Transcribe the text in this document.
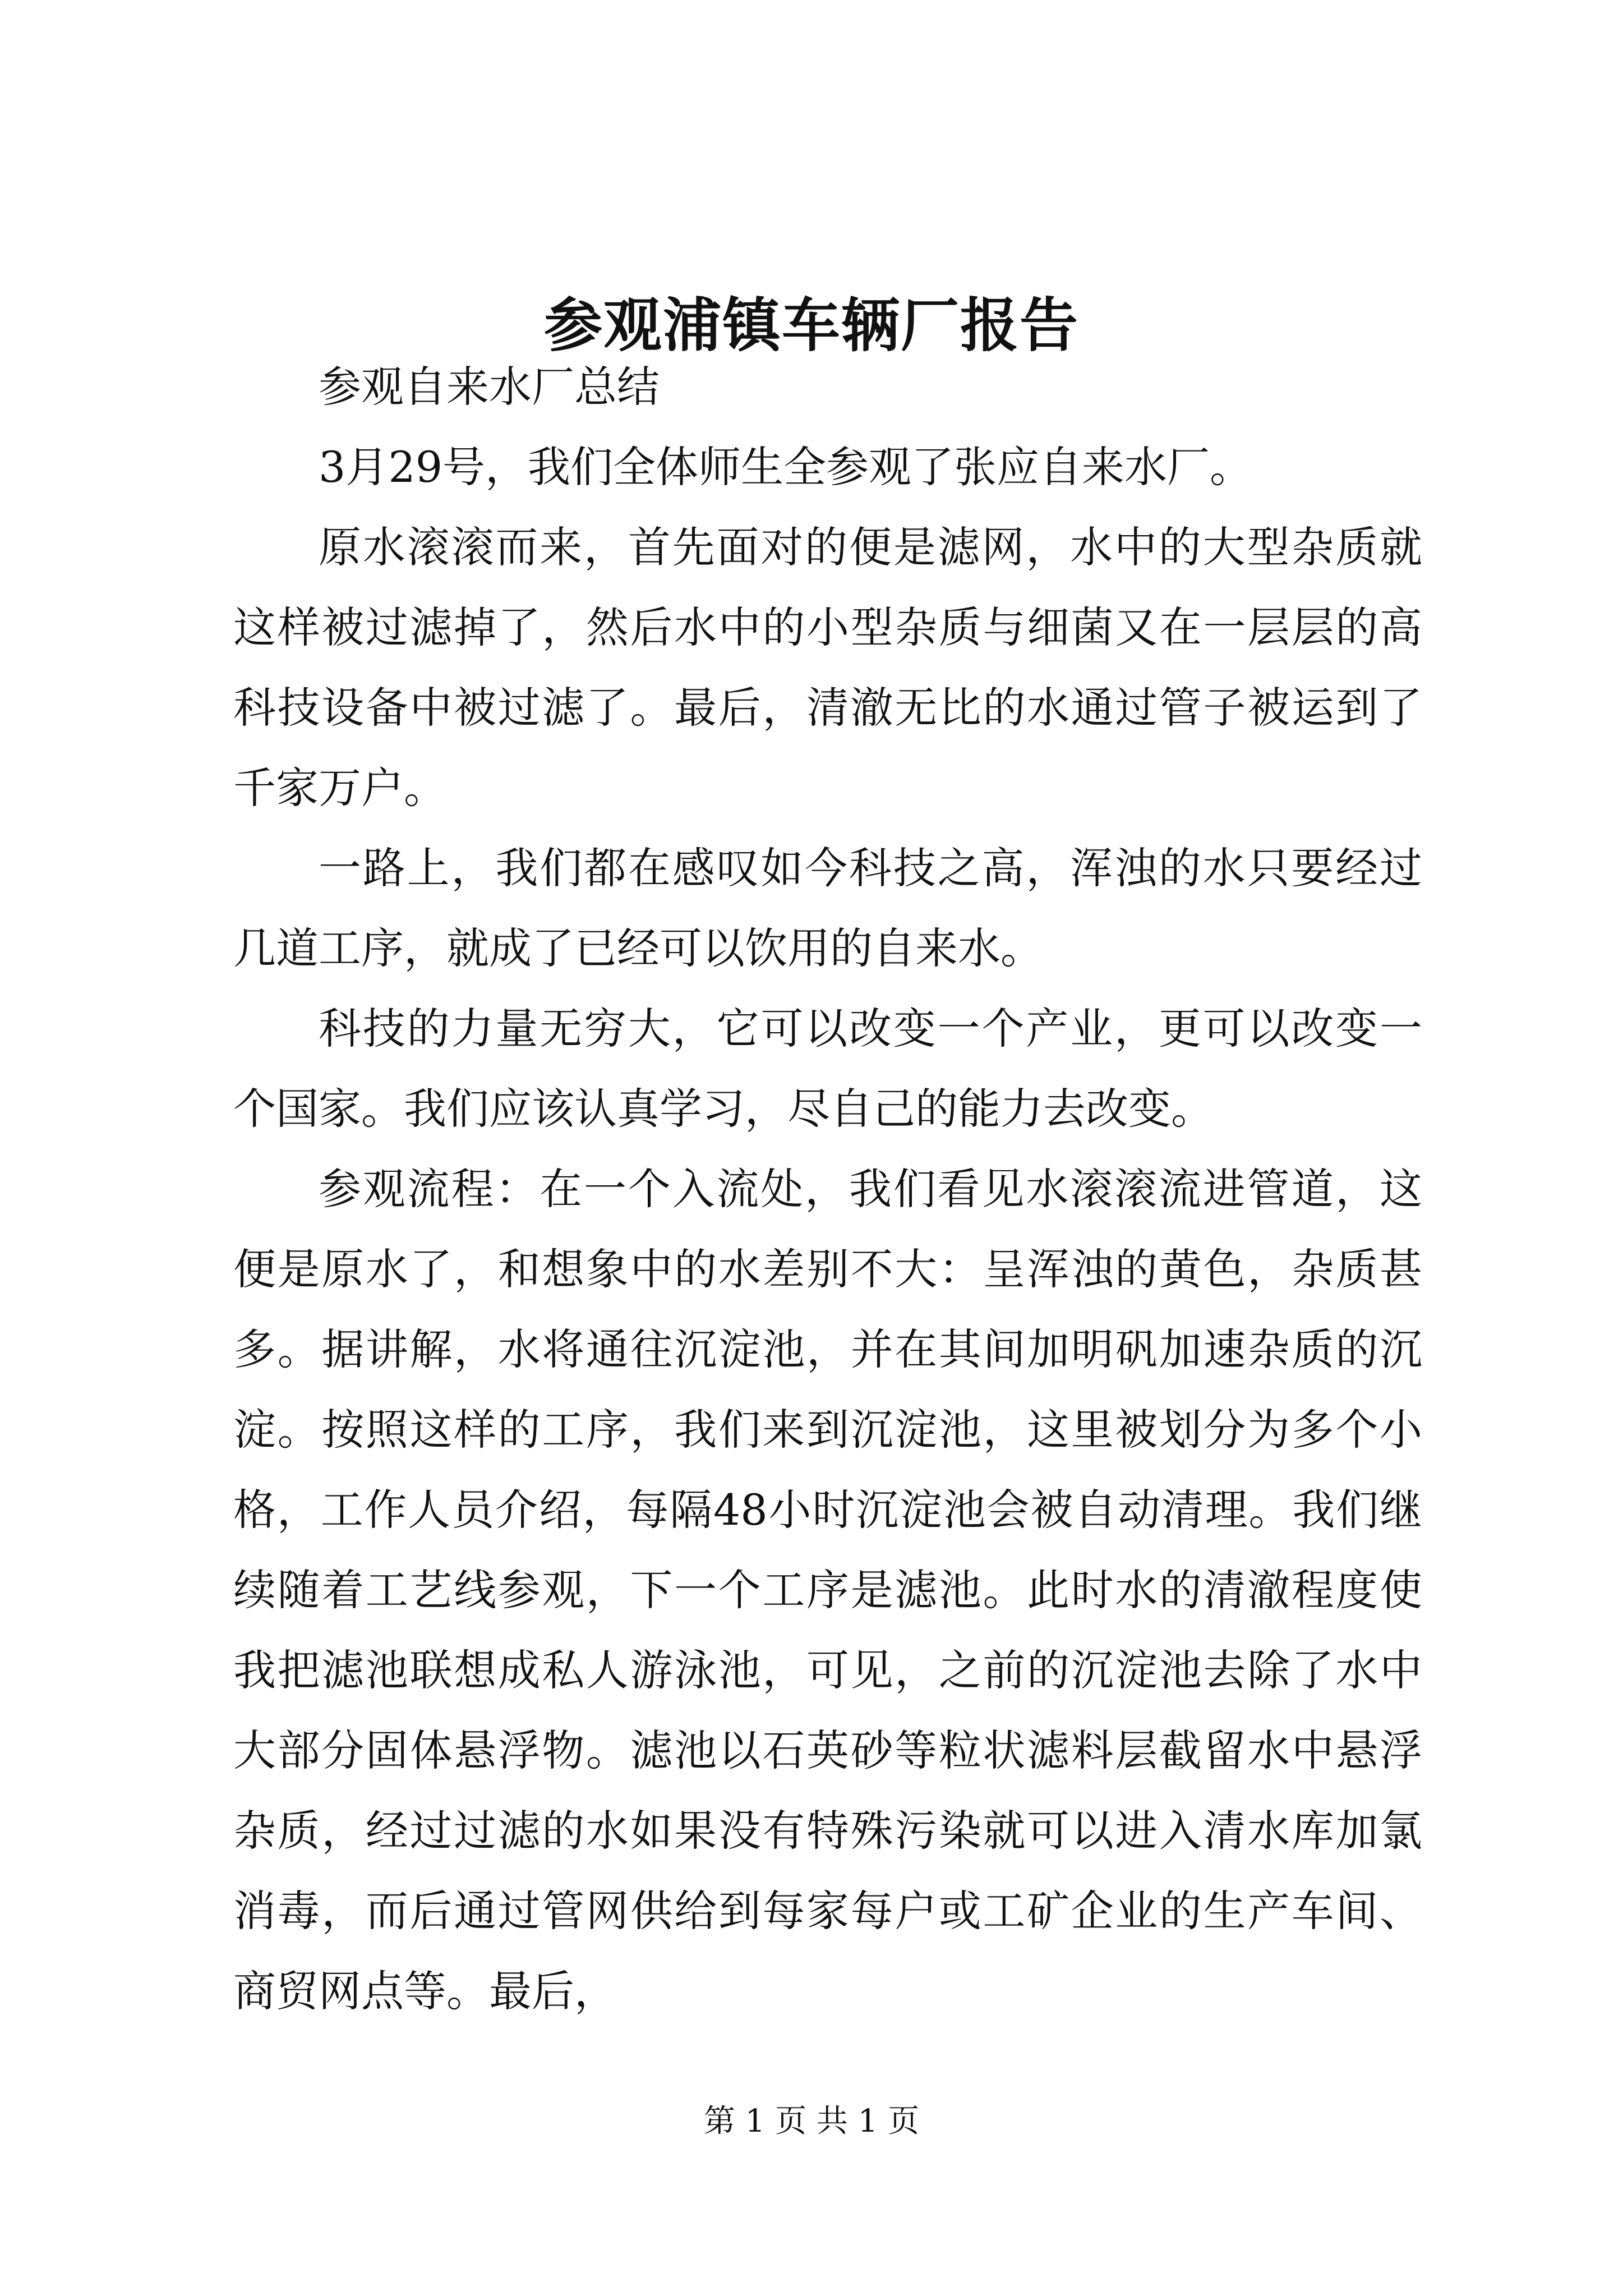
参观浦镇车辆厂报告

参观自来水厂总结

3月29号，我们全体师生全参观了张应自来水厂。

原水滚滚而来，首先面对的便是滤网，水中的大型杂质就这样被过滤掉了，然后水中的小型杂质与细菌又在一层层的高科技设备中被过滤了。最后，清澈无比的水通过管子被运到了千家万户。

一路上，我们都在感叹如今科技之高，浑浊的水只要经过几道工序，就成了已经可以饮用的自来水。

科技的力量无穷大，它可以改变一个产业，更可以改变一个国家。我们应该认真学习，尽自己的能力去改变。

参观流程：在一个入流处，我们看见水滚滚流进管道，这便是原水了，和想象中的水差别不大：呈浑浊的黄色，杂质甚多。据讲解，水将通往沉淀池，并在其间加明矾加速杂质的沉淀。按照这样的工序，我们来到沉淀池，这里被划分为多个小格，工作人员介绍，每隔48小时沉淀池会被自动清理。我们继续随着工艺线参观，下一个工序是滤池。此时水的清澈程度使我把滤池联想成私人游泳池，可见，之前的沉淀池去除了水中大部分固体悬浮物。滤池以石英砂等粒状滤料层截留水中悬浮杂质，经过过滤的水如果没有特殊污染就可以进入清水库加氯消毒，而后通过管网供给到每家每户或工矿企业的生产车间、商贸网点等。最后，

第 1 页 共 1 页
